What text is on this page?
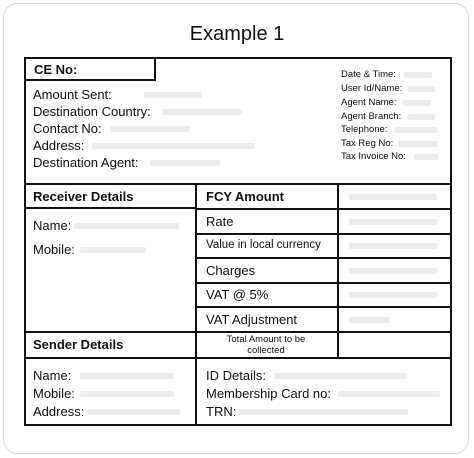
Example 1
CE No:
Amount Sent:
Destination Country:
Contact No:
Address:
Destination Agent:
Date & Time:
User Id/Name:
Agent Name:
Agent Branch:
Telephone:
Tax Reg No:
Tax Invoice No:
Receiver Details
Name:
Mobile:
FCY Amount
Rate
Value in local currency
Charges
VAT @ 5%
VAT Adjustment
Total Amount to be collected
Sender Details
Name:
Mobile:
Address:
ID Details:
Membership Card no:
TRN:
